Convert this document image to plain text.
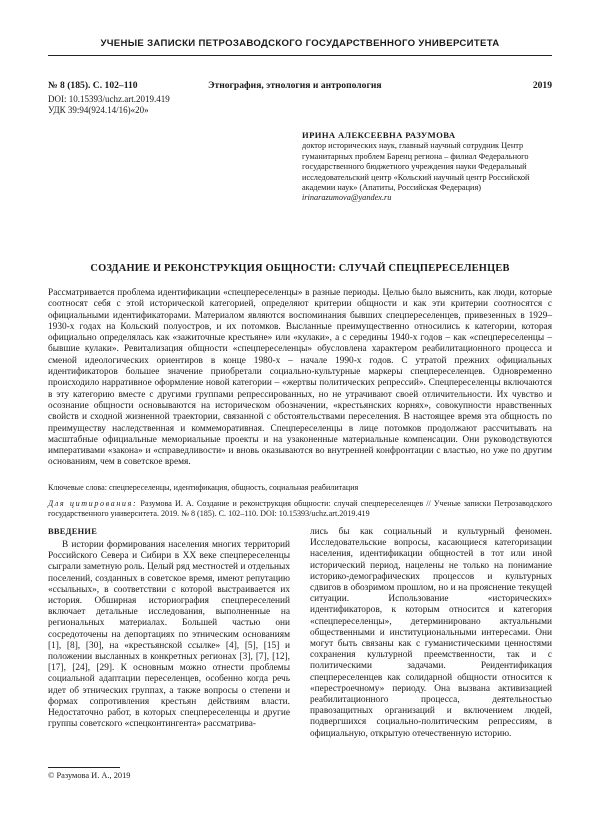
УЧЕНЫЕ ЗАПИСКИ ПЕТРОЗАВОДСКОГО ГОСУДАРСТВЕННОГО УНИВЕРСИТЕТА
№ 8 (185). С. 102–110	Этнография, этнология и антропология	2019
DOI: 10.15393/uchz.art.2019.419
УДК 39:94(924.14/16)«20»
ИРИНА АЛЕКСЕЕВНА РАЗУМОВА
доктор исторических наук, главный научный сотрудник Центр гуманитарных проблем Баренц региона – филиал Федерального государственного бюджетного учреждения науки Федеральный исследовательский центр «Кольский научный центр Российской академии наук» (Апатиты, Российская Федерация)
irinarazumova@yandex.ru
СОЗДАНИЕ И РЕКОНСТРУКЦИЯ ОБЩНОСТИ: СЛУЧАЙ СПЕЦПЕРЕСЕЛЕНЦЕВ
Рассматривается проблема идентификации «спецпереселенцы» в разные периоды. Целью было выяснить, как люди, которые соотносят себя с этой исторической категорией, определяют критерии общности и как эти критерии соотносятся с официальными идентификаторами. Материалом являются воспоминания бывших спецпереселенцев, привезенных в 1929–1930-х годах на Кольский полуостров, и их потомков. Высланные преимущественно относились к категории, которая официально определялась как «зажиточные крестьяне» или «кулаки», а с середины 1940-х годов – как «спецпереселенцы – бывшие кулаки». Ревитализация общности «спецпереселенцы» обусловлена характером реабилитационного процесса и сменой идеологических ориентиров в конце 1980-х – начале 1990-х годов. С утратой прежних официальных идентификаторов большее значение приобретали социально-культурные маркеры спецпереселенцев. Одновременно происходило нарративное оформление новой категории – «жертвы политических репрессий». Спецпереселенцы включаются в эту категорию вместе с другими группами репрессированных, но не утрачивают своей отличительности. Их чувство и осознание общности основываются на историческом обозначении, «крестьянских корнях», совокупности нравственных свойств и сходной жизненной траектории, связанной с обстоятельствами переселения. В настоящее время эта общность по преимуществу наследственная и коммеморативная. Спецпереселенцы в лице потомков продолжают рассчитывать на масштабные официальные мемориальные проекты и на узаконенные материальные компенсации. Они руководствуются императивами «закона» и «справедливости» и вновь оказываются во внутренней конфронтации с властью, но уже по другим основаниям, чем в советское время.
Ключевые слова: спецпереселенцы, идентификация, общность, социальная реабилитация
Для цитирования: Разумова И. А. Создание и реконструкция общности: случай спецпереселенцев // Ученые записки Петрозаводского государственного университета. 2019. № 8 (185). С. 102–110. DOI: 10.15393/uchz.art.2019.419
ВВЕДЕНИЕ

В истории формирования населения многих территорий Российского Севера и Сибири в ХХ веке спецпереселенцы сыграли заметную роль. Целый ряд местностей и отдельных поселений, созданных в советское время, имеют репутацию «ссыльных», в соответствии с которой выстраивается их история. Обширная историография спецпереселений включает детальные исследования, выполненные на региональных материалах. Большей частью они сосредоточены на депортациях по этническим основаниям [1], [8], [30], на «крестьянской ссылке» [4], [5], [15] и положении высланных в конкретных регионах [3], [7], [12], [17], [24], [29]. К основным можно отнести проблемы социальной адаптации переселенцев, особенно когда речь идет об этнических группах, а также вопросы о степени и формах сопротивления крестьян действиям власти. Недостаточно работ, в которых спецпереселенцы и другие группы советского «спецконтингента» рассматрива-

лись бы как социальный и культурный феномен. Исследовательские вопросы, касающиеся категоризации населения, идентификации общностей в тот или иной исторический период, нацелены не только на понимание историко-демографических процессов и культурных сдвигов в обозримом прошлом, но и на прояснение текущей ситуации. Использование «исторических» идентификаторов, к которым относится и категория «спецпереселенцы», детерминировано актуальными общественными и институциональными интересами. Они могут быть связаны как с гуманистическими ценностями сохранения культурной преемственности, так и с политическими задачами. Реидентификация спецпереселенцев как солидарной общности относится к «перестроечному» периоду. Она вызвана активизацией реабилитационного процесса, деятельностью правозащитных организаций и включением людей, подвергшихся социально-политическим репрессиям, в официальную, открытую отечественную историю.

© Разумова И. А., 2019
